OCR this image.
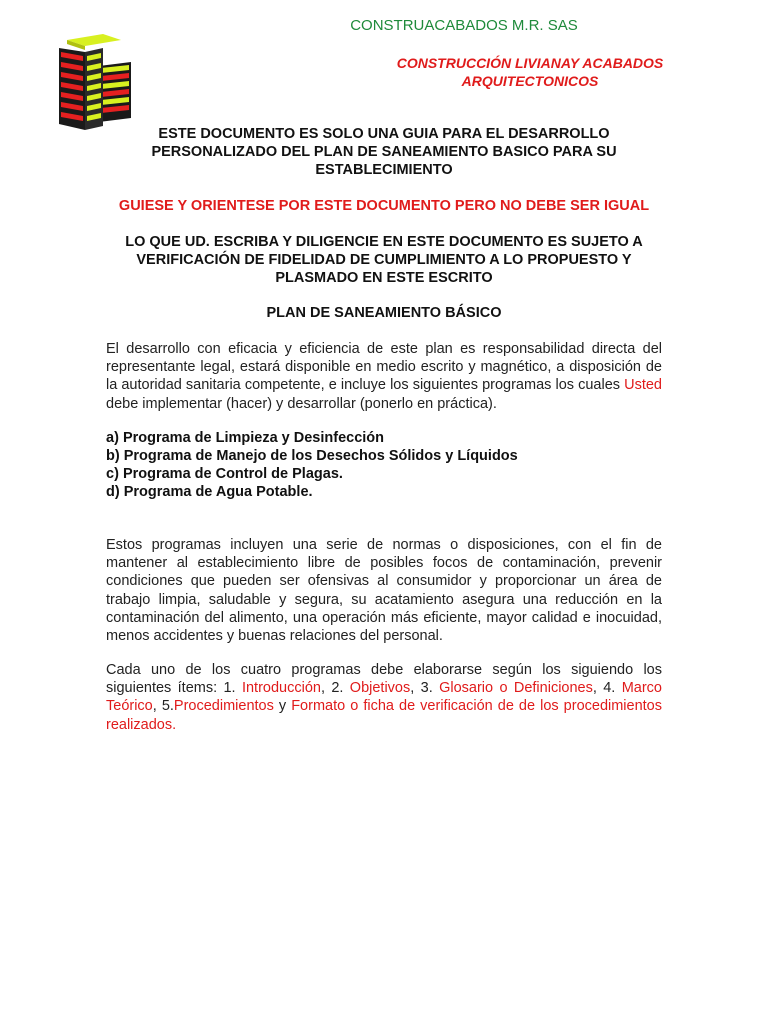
CONSTRUACABADOS M.R. SAS
CONSTRUCCIÓN LIVIANAY ACABADOS
ARQUITECTONICOS
ESTE DOCUMENTO ES SOLO UNA GUIA PARA EL DESARROLLO
PERSONALIZADO DEL PLAN DE SANEAMIENTO BASICO PARA SU
ESTABLECIMIENTO
GUIESE Y ORIENTESE POR ESTE DOCUMENTO PERO NO DEBE SER IGUAL
LO QUE UD. ESCRIBA Y DILIGENCIE EN ESTE DOCUMENTO ES SUJETO A
VERIFICACIÓN DE FIDELIDAD DE CUMPLIMIENTO A LO PROPUESTO Y
PLASMADO EN ESTE ESCRITO
PLAN DE SANEAMIENTO BÁSICO

El desarrollo con eficacia y eficiencia de este plan es responsabilidad directa del representante legal, estará disponible en medio escrito y magnético, a disposición de la autoridad sanitaria competente, e incluye los siguientes programas los cuales Usted debe implementar (hacer) y desarrollar (ponerlo en práctica).

a) Programa de Limpieza y Desinfección
b) Programa de Manejo de los Desechos Sólidos y Líquidos
c) Programa de Control de Plagas.
d) Programa de Agua Potable.

Estos programas incluyen una serie de normas o disposiciones, con el fin de mantener al establecimiento libre de posibles focos de contaminación, prevenir condiciones que pueden ser ofensivas al consumidor y proporcionar un área de trabajo limpia, saludable y segura, su acatamiento asegura una reducción en la contaminación del alimento, una operación más eficiente, mayor calidad e inocuidad, menos accidentes y buenas relaciones del personal.

Cada uno de los cuatro programas debe elaborarse según los siguiendo los siguientes ítems: 1. Introducción, 2. Objetivos, 3. Glosario o Definiciones, 4. Marco Teórico, 5.Procedimientos y Formato o ficha de verificación de de los procedimientos realizados.
